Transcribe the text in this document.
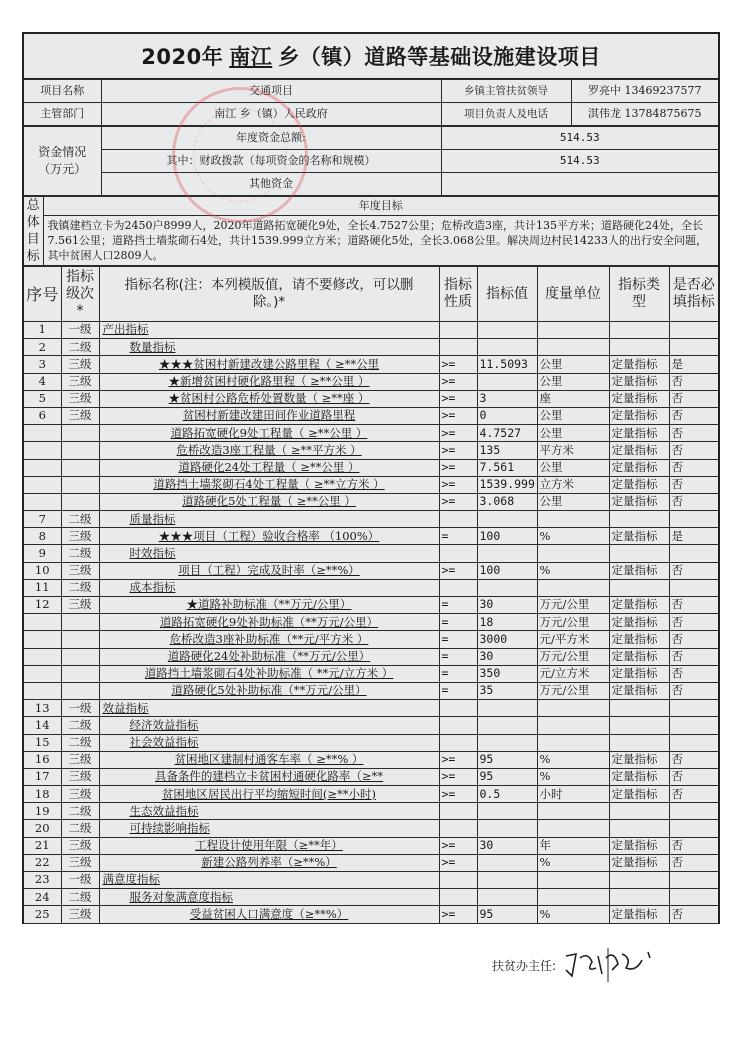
2020年 南江 乡（镇）道路等基础设施建设项目
项目名称	交通项目	乡镇主管扶贫领导	罗亮中 13469237577
主管部门	南江 乡（镇）人民政府	项目负责人及电话	淇伟龙 13784875675
资金情况（万元）	年度资金总额:	514.53
	其中：财政拨款（每项资金的名称和规模）	514.53
	其他资金	
总体目标
	年度目标
我镇建档立卡为2450户8999人，2020年道路拓宽硬化9处，全长4.7527公里；危桥改造3座，共计135平方米；道路硬化24处，全长7.561公里；道路挡土墙浆砌石4处，共计1539.999立方米；道路硬化5处，全长3.068公里。解决周边村民14233人的出行安全问题，其中贫困人口2809人。
序号	指标级次*	指标名称(注：本列模版值，请不要修改，可以删除。)*	指标性质	指标值	度量单位	指标类型	是否必填指标
1	一级	产出指标					
2	二级	数量指标					
3	三级	★★★贫困村新建改建公路里程（ ≥**公里	>=	11.5093	公里	定量指标	是
4	三级	★新增贫困村硬化路里程（ ≥**公里 ）	>=		公里	定量指标	否
5	三级	★贫困村公路危桥处置数量（ ≥**座 ）	>=	3	座	定量指标	否
6	三级	贫困村新建改建田间作业道路里程	>=	0	公里	定量指标	否
		道路拓宽硬化9处工程量（ ≥**公里 ）	>=	4.7527	公里	定量指标	否
		危桥改造3座工程量（ ≥**平方米 ）	>=	135	平方米	定量指标	否
		道路硬化24处工程量（ ≥**公里 ）	>=	7.561	公里	定量指标	否
		道路挡土墙浆砌石4处工程量（ ≥**立方米 ）	>=	1539.999	立方米	定量指标	否
		道路硬化5处工程量（ ≥**公里 ）	>=	3.068	公里	定量指标	否
7	二级	质量指标					
8	三级	★★★项目（工程）验收合格率 （100%）	=	100	%	定量指标	是
9	二级	时效指标					
10	三级	项目（工程）完成及时率（≥**%）	>=	100	%	定量指标	否
11	二级	成本指标					
12	三级	★道路补助标准（**万元/公里）	=	30	万元/公里	定量指标	否
		道路拓宽硬化9处补助标准（**万元/公里）	=	18	万元/公里	定量指标	否
		危桥改造3座补助标准（**元/平方米 ）	=	3000	元/平方米	定量指标	否
		道路硬化24处补助标准（**万元/公里）	=	30	万元/公里	定量指标	否
		道路挡土墙浆砌石4处补助标准（ **元/立方米 ）	=	350	元/立方米	定量指标	否
		道路硬化5处补助标准（**万元/公里）	=	35	万元/公里	定量指标	否
13	一级	效益指标					
14	二级	经济效益指标					
15	二级	社会效益指标					
16	三级	贫困地区建制村通客车率（ ≥**% ）	>=	95	%	定量指标	否
17	三级	具备条件的建档立卡贫困村通硬化路率（≥**	>=	95	%	定量指标	否
18	三级	贫困地区居民出行平均缩短时间(≥**小时)	>=	0.5	小时	定量指标	否
19	二级	生态效益指标					
20	二级	可持续影响指标					
21	三级	工程设计使用年限（≥**年）	>=	30	年	定量指标	否
22	三级	新建公路列养率（≥**%）	>=		%	定量指标	否
23	一级	满意度指标					
24	二级	服务对象满意度指标					
25	三级	受益贫困人口满意度（≥**%）	>=	95	%	定量指标	否
扶贫办主任:
